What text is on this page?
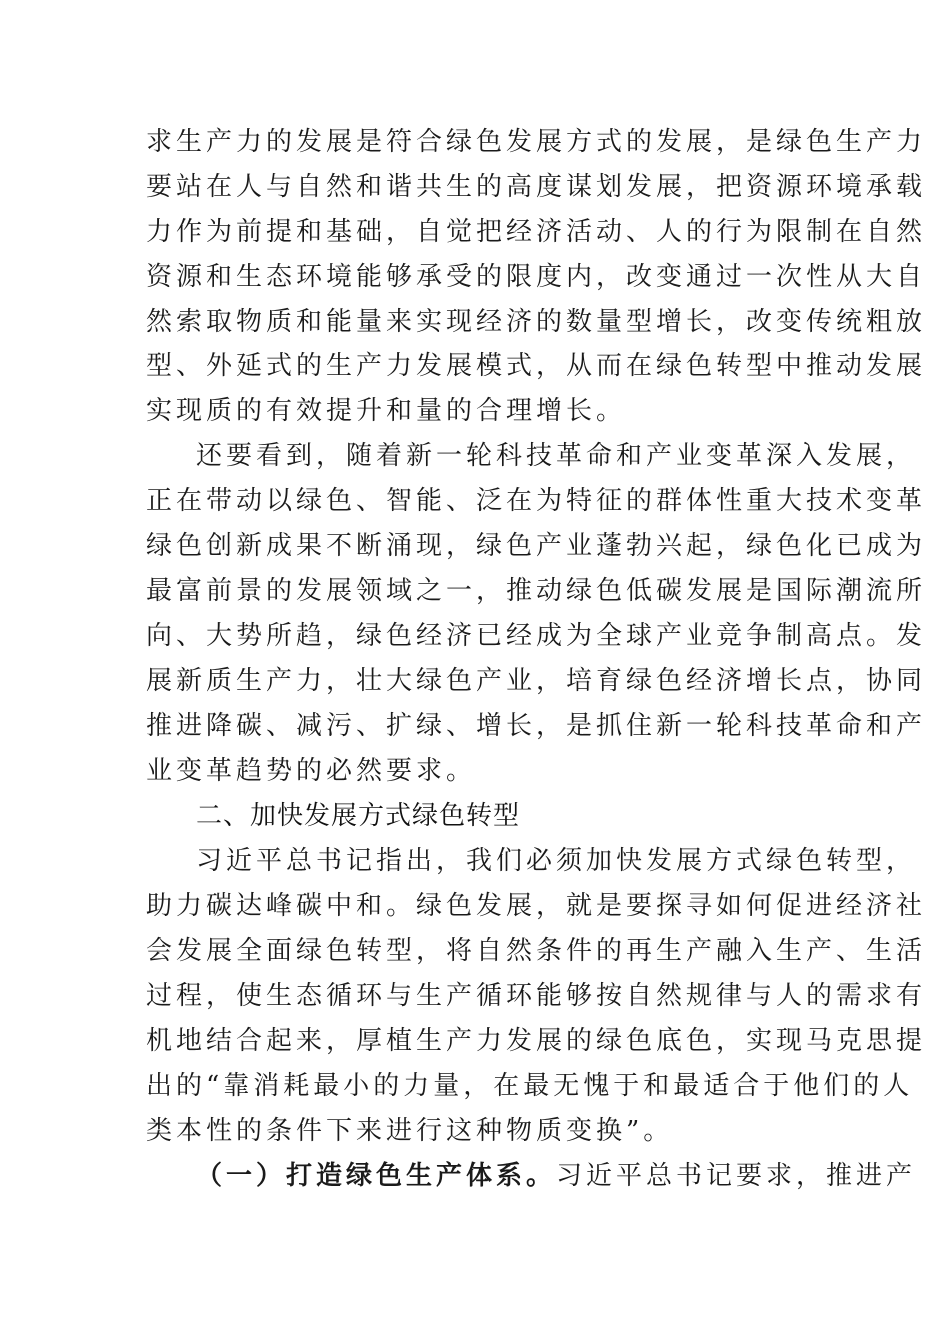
求生产力的发展是符合绿色发展方式的发展，是绿色生产力
要站在人与自然和谐共生的高度谋划发展，把资源环境承载
力作为前提和基础，自觉把经济活动、人的行为限制在自然
资源和生态环境能够承受的限度内，改变通过一次性从大自
然索取物质和能量来实现经济的数量型增长，改变传统粗放
型、外延式的生产力发展模式，从而在绿色转型中推动发展
实现质的有效提升和量的合理增长。
还要看到，随着新一轮科技革命和产业变革深入发展，
正在带动以绿色、智能、泛在为特征的群体性重大技术变革
绿色创新成果不断涌现，绿色产业蓬勃兴起，绿色化已成为
最富前景的发展领域之一，推动绿色低碳发展是国际潮流所
向、大势所趋，绿色经济已经成为全球产业竞争制高点。发
展新质生产力，壮大绿色产业，培育绿色经济增长点，协同
推进降碳、减污、扩绿、增长，是抓住新一轮科技革命和产
业变革趋势的必然要求。
二、加快发展方式绿色转型
习近平总书记指出，我们必须加快发展方式绿色转型，
助力碳达峰碳中和。绿色发展，就是要探寻如何促进经济社
会发展全面绿色转型，将自然条件的再生产融入生产、生活
过程，使生态循环与生产循环能够按自然规律与人的需求有
机地结合起来，厚植生产力发展的绿色底色，实现马克思提
出的“靠消耗最小的力量，在最无愧于和最适合于他们的人
类本性的条件下来进行这种物质变换”。
（一）打造绿色生产体系。习近平总书记要求，推进产
